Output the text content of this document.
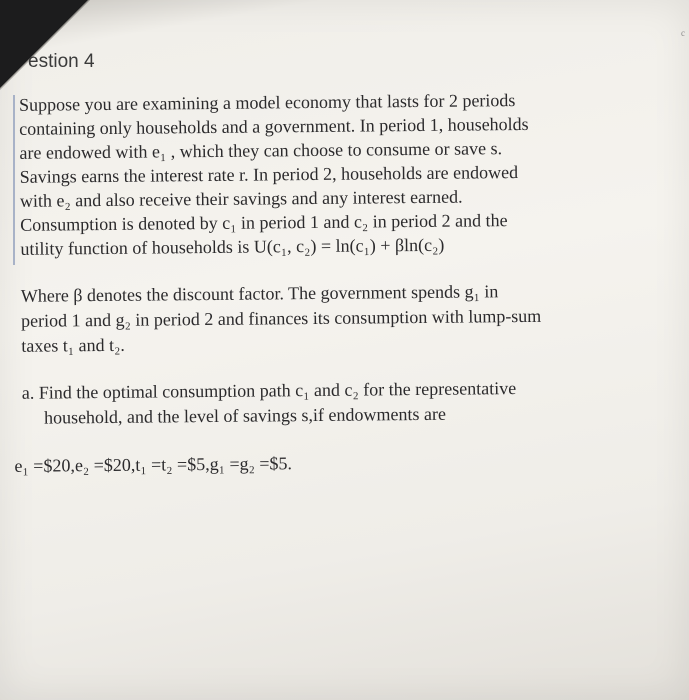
c
estion 4
Suppose you are examining a model economy that lasts for 2 periods
containing only households and a government. In period 1, households
are endowed with e₁ , which they can choose to consume or save s.
Savings earns the interest rate r. In period 2, households are endowed
with e₂ and also receive their savings and any interest earned.
Consumption is denoted by c₁ in period 1 and c₂ in period 2 and the
utility function of households is U(c₁, c₂) = ln(c₁) + βln(c₂)
Where β denotes the discount factor. The government spends g₁ in
period 1 and g₂ in period 2 and finances its consumption with lump-sum
taxes t₁ and t₂.
a. Find the optimal consumption path c₁ and c₂ for the representative
household, and the level of savings s,if endowments are
e₁ =$20,e₂ =$20,t₁ =t₂ =$5,g₁ =g₂ =$5.
